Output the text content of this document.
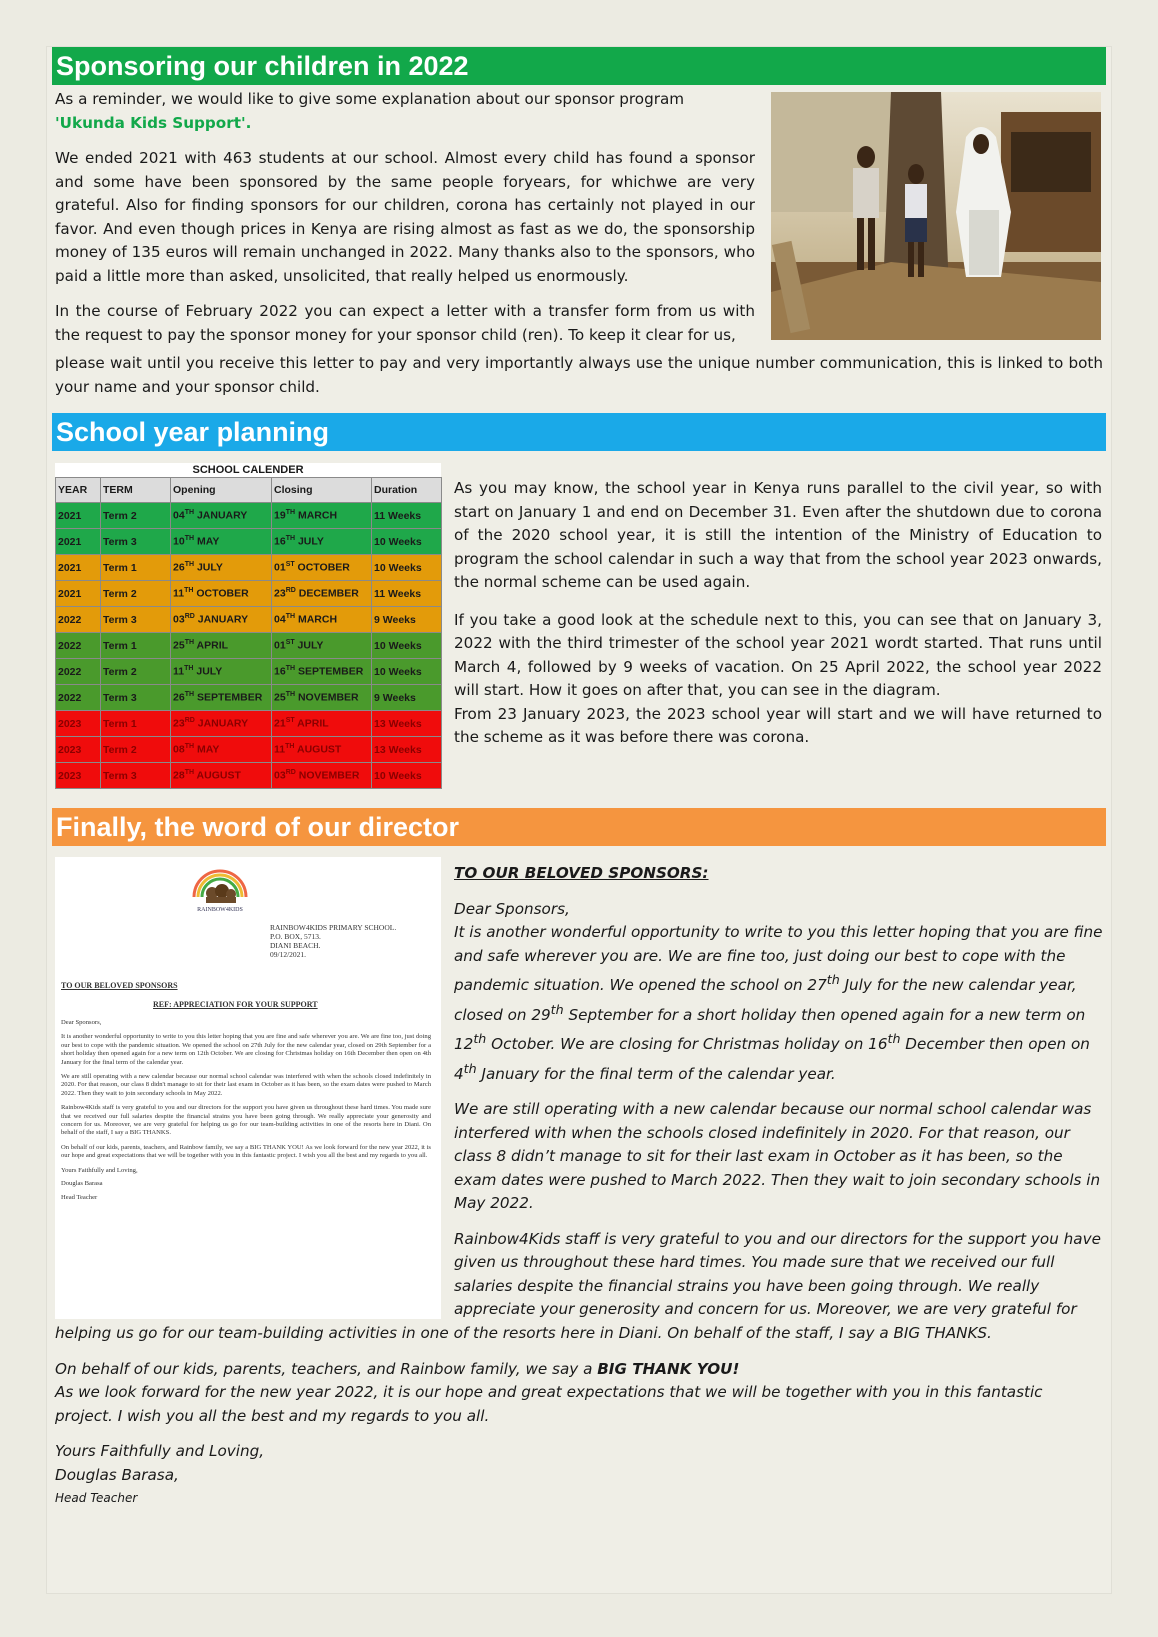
Sponsoring our children in 2022

As a reminder, we would like to give some explanation about our sponsor program
'Ukunda Kids Support'.

We ended 2021 with 463 students at our school. Almost every child has found a sponsor and some have been sponsored by the same people foryears, for whichwe are very grateful. Also for finding sponsors for our children, corona has certainly not played in our favor. And even though prices in Kenya are rising almost as fast as we do, the sponsorship money of 135 euros will remain unchanged in 2022. Many thanks also to the sponsors, who paid a little more than asked, unsolicited, that really helped us enormously.

In the course of February 2022 you can expect a letter with a transfer form from us with the request to pay the sponsor money for your sponsor child (ren). To keep it clear for us,

please wait until you receive this letter to pay and very importantly always use the unique number communication, this is linked to both your name and your sponsor child.
School year planning
SCHOOL CALENDER
YEAR	TERM	Opening	Closing	Duration
2021	Term 2	04TH JANUARY	19TH MARCH	11 Weeks
2021	Term 3	10TH MAY	16TH JULY	10 Weeks
2021	Term 1	26TH JULY	01ST OCTOBER	10 Weeks
2021	Term 2	11TH OCTOBER	23RD DECEMBER	11 Weeks
2022	Term 3	03RD JANUARY	04TH MARCH	9 Weeks
2022	Term 1	25TH APRIL	01ST JULY	10 Weeks
2022	Term 2	11TH JULY	16TH SEPTEMBER	10 Weeks
2022	Term 3	26TH SEPTEMBER	25TH NOVEMBER	9 Weeks
2023	Term 1	23RD JANUARY	21ST APRIL	13 Weeks
2023	Term 2	08TH MAY	11TH AUGUST	13 Weeks
2023	Term 3	28TH AUGUST	03RD NOVEMBER	10 Weeks

As you may know, the school year in Kenya runs parallel to the civil year, so with start on January 1 and end on December 31. Even after the shutdown due to corona of the 2020 school year, it is still the intention of the Ministry of Education to program the school calendar in such a way that from the school year 2023 onwards, the normal scheme can be used again.

If you take a good look at the schedule next to this, you can see that on January 3, 2022 with the third trimester of the school year 2021 wordt started. That runs until March 4, followed by 9 weeks of vacation. On 25 April 2022, the school year 2022 will start. How it goes on after that, you can see in the diagram.

From 23 January 2023, the 2023 school year will start and we will have returned to the scheme as it was before there was corona.

Finally, the word of our director
RAINBOW4KIDS
RAINBOW4KIDS PRIMARY SCHOOL.
P.O. BOX, 5713.
DIANI BEACH.
09/12/2021.
TO OUR BELOVED SPONSORS
REF: APPRECIATION FOR YOUR SUPPORT

Dear Sponsors,

It is another wonderful opportunity to write to you this letter hoping that you are fine and safe wherever you are. We are fine too, just doing our best to cope with the pandemic situation. We opened the school on 27th July for the new calendar year, closed on 29th September for a short holiday then opened again for a new term on 12th October. We are closing for Christmas holiday on 16th December then open on 4th January for the final term of the calendar year.

We are still operating with a new calendar because our normal school calendar was interfered with when the schools closed indefinitely in 2020. For that reason, our class 8 didn't manage to sit for their last exam in October as it has been, so the exam dates were pushed to March 2022. Then they wait to join secondary schools in May 2022.

Rainbow4Kids staff is very grateful to you and our directors for the support you have given us throughout these hard times. You made sure that we received our full salaries despite the financial strains you have been going through. We really appreciate your generosity and concern for us. Moreover, we are very grateful for helping us go for our team-building activities in one of the resorts here in Diani. On behalf of the staff, I say a BIG THANKS.

On behalf of our kids, parents, teachers, and Rainbow family, we say a BIG THANK YOU! As we look forward for the new year 2022, it is our hope and great expectations that we will be together with you in this fantastic project. I wish you all the best and my regards to you all.

Yours Faithfully and Loving,

Douglas Barasa

Head Teacher

TO OUR BELOVED SPONSORS:

Dear Sponsors,

It is another wonderful opportunity to write to you this letter hoping that you are fine and safe wherever you are. We are fine too, just doing our best to cope with the pandemic situation. We opened the school on 27th July for the new calendar year, closed on 29th September for a short holiday then opened again for a new term on 12th October. We are closing for Christmas holiday on 16th December then open on 4th January for the final term of the calendar year.

We are still operating with a new calendar because our normal school calendar was interfered with when the schools closed indefinitely in 2020. For that reason, our class 8 didn’t manage to sit for their last exam in October as it has been, so the exam dates were pushed to March 2022. Then they wait to join secondary schools in May 2022.

Rainbow4Kids staff is very grateful to you and our directors for the support you have given us throughout these hard times. You made sure that we received our full salaries despite the financial strains you have been going through. We really appreciate your generosity and concern for us. Moreover, we are very grateful for

helping us go for our team-building activities in one of the resorts here in Diani. On behalf of the staff, I say a BIG THANKS.

On behalf of our kids, parents, teachers, and Rainbow family, we say a BIG THANK YOU!

As we look forward for the new year 2022, it is our hope and great expectations that we will be together with you in this fantastic project. I wish you all the best and my regards to you all.

Yours Faithfully and Loving,

Douglas Barasa,

Head Teacher
